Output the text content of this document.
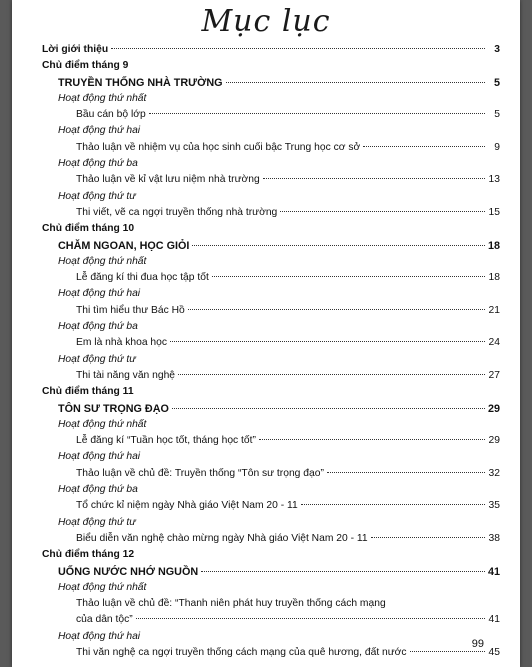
Mục lục
Lời giới thiệu	3
Chủ điểm tháng 9
TRUYỀN THỐNG NHÀ TRƯỜNG	5
Hoạt động thứ nhất
Bầu cán bộ lớp	5
Hoạt động thứ hai
Thảo luận về nhiệm vụ của học sinh cuối bậc Trung học cơ sở	9
Hoạt động thứ ba
Thảo luận về kỉ vật lưu niệm nhà trường	13
Hoạt động thứ tư
Thi viết, vẽ ca ngợi truyền thống nhà trường	15
Chủ điểm tháng 10
CHĂM NGOAN, HỌC GIỎI	18
Hoạt động thứ nhất
Lễ đăng kí thi đua học tập tốt	18
Hoạt động thứ hai
Thi tìm hiểu thư Bác Hồ	21
Hoạt động thứ ba
Em là nhà khoa học	24
Hoạt động thứ tư
Thi tài năng văn nghệ	27
Chủ điểm tháng 11
TÔN SƯ TRỌNG ĐẠO	29
Hoạt động thứ nhất
Lễ đăng kí “Tuần học tốt, tháng học tốt”	29
Hoạt động thứ hai
Thảo luận về chủ đề: Truyền thống “Tôn sư trọng đạo”	32
Hoạt động thứ ba
Tổ chức kỉ niệm ngày Nhà giáo Việt Nam 20 - 11	35
Hoạt động thứ tư
Biểu diễn văn nghệ chào mừng ngày Nhà giáo Việt Nam 20 - 11	38
Chủ điểm tháng 12
UỐNG NƯỚC NHỚ NGUỒN	41
Hoạt động thứ nhất
Thảo luận về chủ đề: “Thanh niên phát huy truyền thống cách mạng
của dân tộc”	41
Hoạt động thứ hai
Thi văn nghệ ca ngợi truyền thống cách mạng của quê hương, đất nước	45
99
